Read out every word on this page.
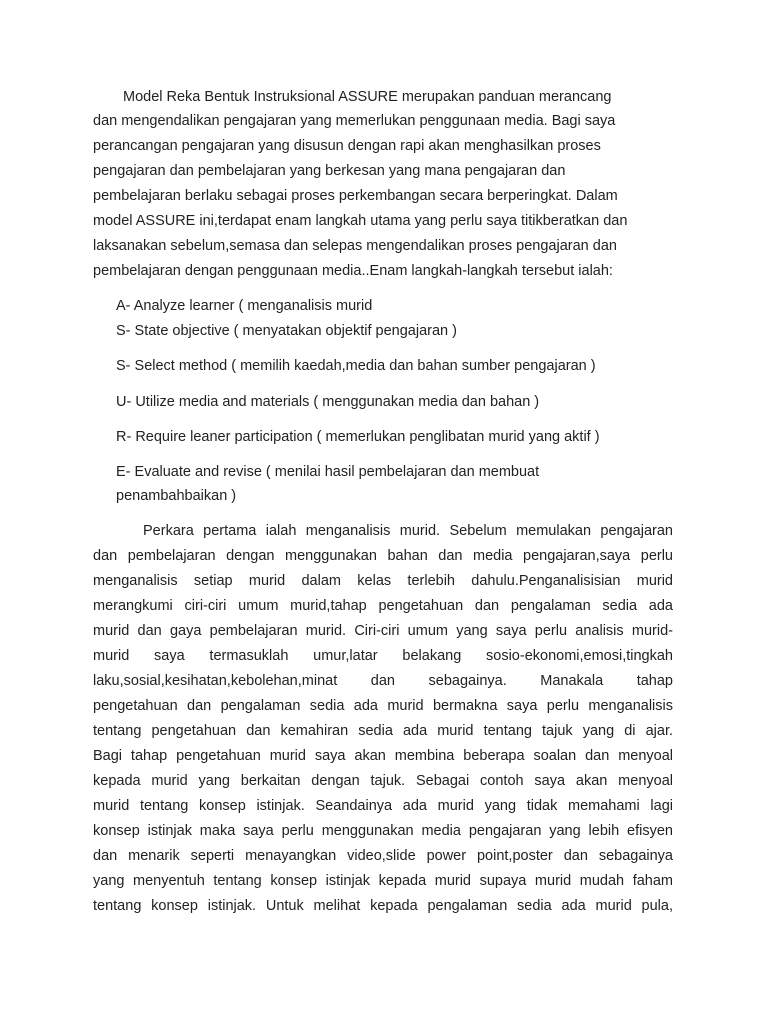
Model Reka Bentuk Instruksional ASSURE merupakan panduan merancang
dan mengendalikan pengajaran yang memerlukan penggunaan media. Bagi saya
perancangan pengajaran yang disusun dengan rapi akan menghasilkan proses
pengajaran dan pembelajaran yang berkesan yang mana pengajaran dan
pembelajaran berlaku sebagai proses perkembangan secara berperingkat. Dalam
model ASSURE ini,terdapat enam langkah utama yang perlu saya titikberatkan dan
laksanakan sebelum,semasa dan selepas mengendalikan proses pengajaran dan
pembelajaran dengan penggunaan media..Enam langkah-langkah tersebut ialah:
A- Analyze learner ( menganalisis murid
S- State objective ( menyatakan objektif pengajaran )
S- Select method ( memilih kaedah,media dan bahan sumber pengajaran )
U- Utilize media and materials ( menggunakan media dan bahan )
R- Require leaner participation ( memerlukan penglibatan murid yang aktif )
E- Evaluate and revise ( menilai hasil pembelajaran dan membuat
penambahbaikan )
Perkara pertama ialah menganalisis murid. Sebelum memulakan pengajaran
dan pembelajaran dengan menggunakan bahan dan media pengajaran,saya perlu
menganalisis setiap murid dalam kelas terlebih dahulu.Penganalisisian murid
merangkumi ciri-ciri umum murid,tahap pengetahuan dan pengalaman sedia ada
murid dan gaya pembelajaran murid. Ciri-ciri umum yang saya perlu analisis murid-
murid saya termasuklah umur,latar belakang sosio-ekonomi,emosi,tingkah
laku,sosial,kesihatan,kebolehan,minat dan sebagainya. Manakala tahap
pengetahuan dan pengalaman sedia ada murid bermakna saya perlu menganalisis
tentang pengetahuan dan kemahiran sedia ada murid tentang tajuk yang di ajar.
Bagi tahap pengetahuan murid saya akan membina beberapa soalan dan menyoal
kepada murid yang berkaitan dengan tajuk. Sebagai contoh saya akan menyoal
murid tentang konsep istinjak. Seandainya ada murid yang tidak memahami lagi
konsep istinjak maka saya perlu menggunakan media pengajaran yang lebih efisyen
dan menarik seperti menayangkan video,slide power point,poster dan sebagainya
yang menyentuh tentang konsep istinjak kepada murid supaya murid mudah faham
tentang konsep istinjak. Untuk melihat kepada pengalaman sedia ada murid pula,
